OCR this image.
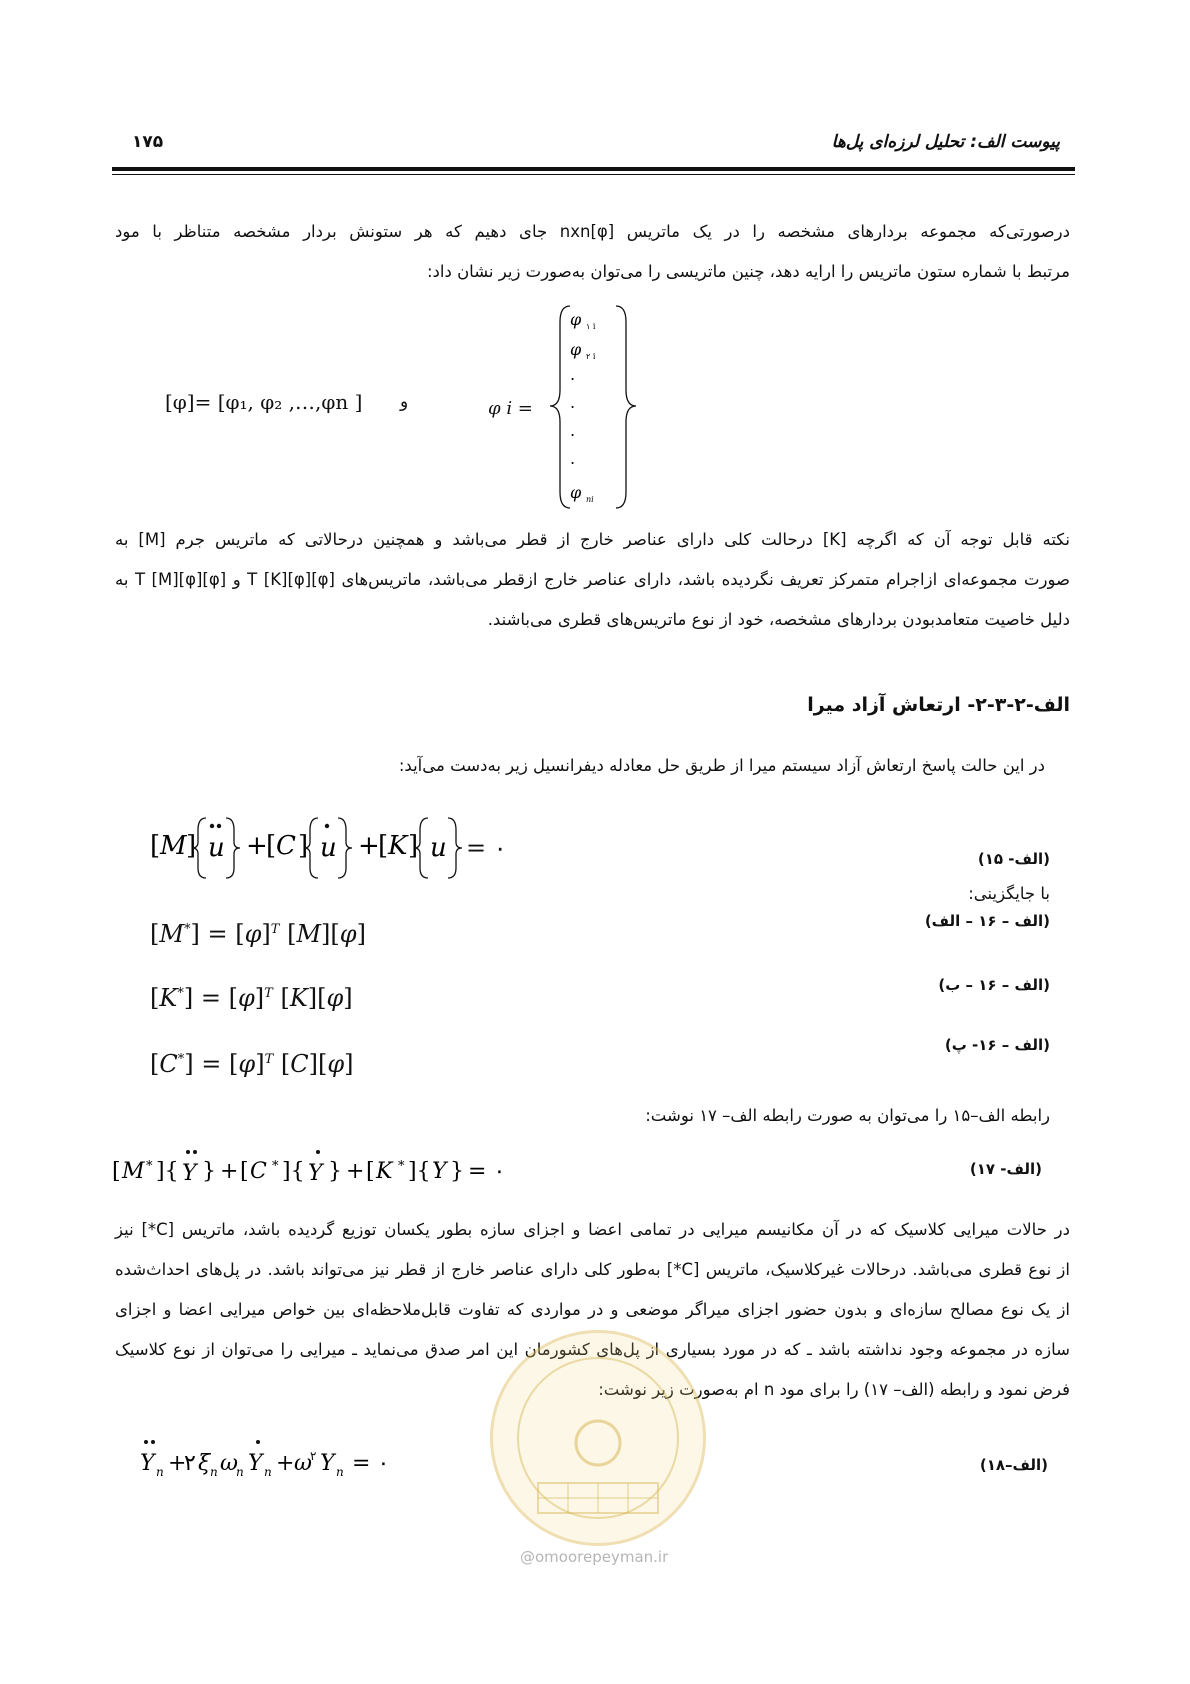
پیوست الف: تحلیل لرزه‌ای پل‌ها
۱۷۵
درصورتی‌که مجموعه بردارهای مشخصه را در یک ماتریس [φ]nxn جای دهیم که هر ستونش بردار مشخصه متناظر با مود
مرتبط با شماره ستون ماتریس را ارایه دهد، چنین ماتریسی را می‌توان به‌صورت زیر نشان داد:
[φ]= [φ₁, φ₂ ,…,φn ] و	φ i =
φ ۱ i
φ ۲ i
.
.
.
.
φ ni
نکته قابل توجه آن که اگرچه [K] درحالت کلی دارای عناصر خارج از قطر می‌باشد و همچنین درحالاتی که ماتریس جرم [M] به
صورت مجموعه‌ای ازاجرام متمرکز تعریف نگردیده باشد، دارای عناصر خارج ازقطر می‌باشد، ماتریس‌های [φ]T [K][φ] و [φ]T [M][φ] به
دلیل خاصیت متعامدبودن بردارهای مشخصه، خود از نوع ماتریس‌های قطری می‌باشند.
الف-۲-۳-۲- ارتعاش آزاد میرا
در این حالت پاسخ ارتعاش آزاد سیستم میرا از طریق حل معادله دیفرانسیل زیر به‌دست می‌آید:
[ M ] u +
[ C ] u +
[ K ] u = ٠	(الف- ۱۵)
با جایگزینی:
$[M^*] = [\varphi]^T$ [M][φ]	(الف – ۱۶ – الف)
$[K^*] = [\varphi]^T$ [K][φ]	(الف – ۱۶ – ب)
$[C^*] = [\varphi]^T$ [C][φ]
(الف – ۱۶- پ)
رابطه الف–۱۵ را می‌توان به صورت رابطه الف– ۱۷ نوشت:
[ M * ]{ Y } + [ C * ]{ Y } + [ K * ]{ Y } = ٠	(الف- ۱۷)
در حالات میرایی کلاسیک که در آن مکانیسم میرایی در تمامی اعضا و اجزای سازه بطور یکسان توزیع گردیده باشد، ماتریس [C*] نیز
از نوع قطری می‌باشد. درحالات غیرکلاسیک، ماتریس [C*] به‌طور کلی دارای عناصر خارج از قطر نیز می‌تواند باشد. در پل‌های احداث‌شده
از یک نوع مصالح سازه‌ای و بدون حضور اجزای میراگر موضعی و در مواردی که تفاوت قابل‌ملاحظه‌ای بین خواص میرایی اعضا و اجزای
سازه در مجموعه وجود نداشته باشد ـ که در مورد بسیاری از پل‌های کشورمان این امر صدق می‌نماید ـ میرایی را می‌توان از نوع کلاسیک
فرض نمود و رابطه (الف– ۱۷) را برای مود n ام به‌صورت زیر نوشت:
Y n +
۲ ξ n ω
n Y n + ω
۲ Y n = ٠	(الف–۱۸)
@omoorepeyman.ir
